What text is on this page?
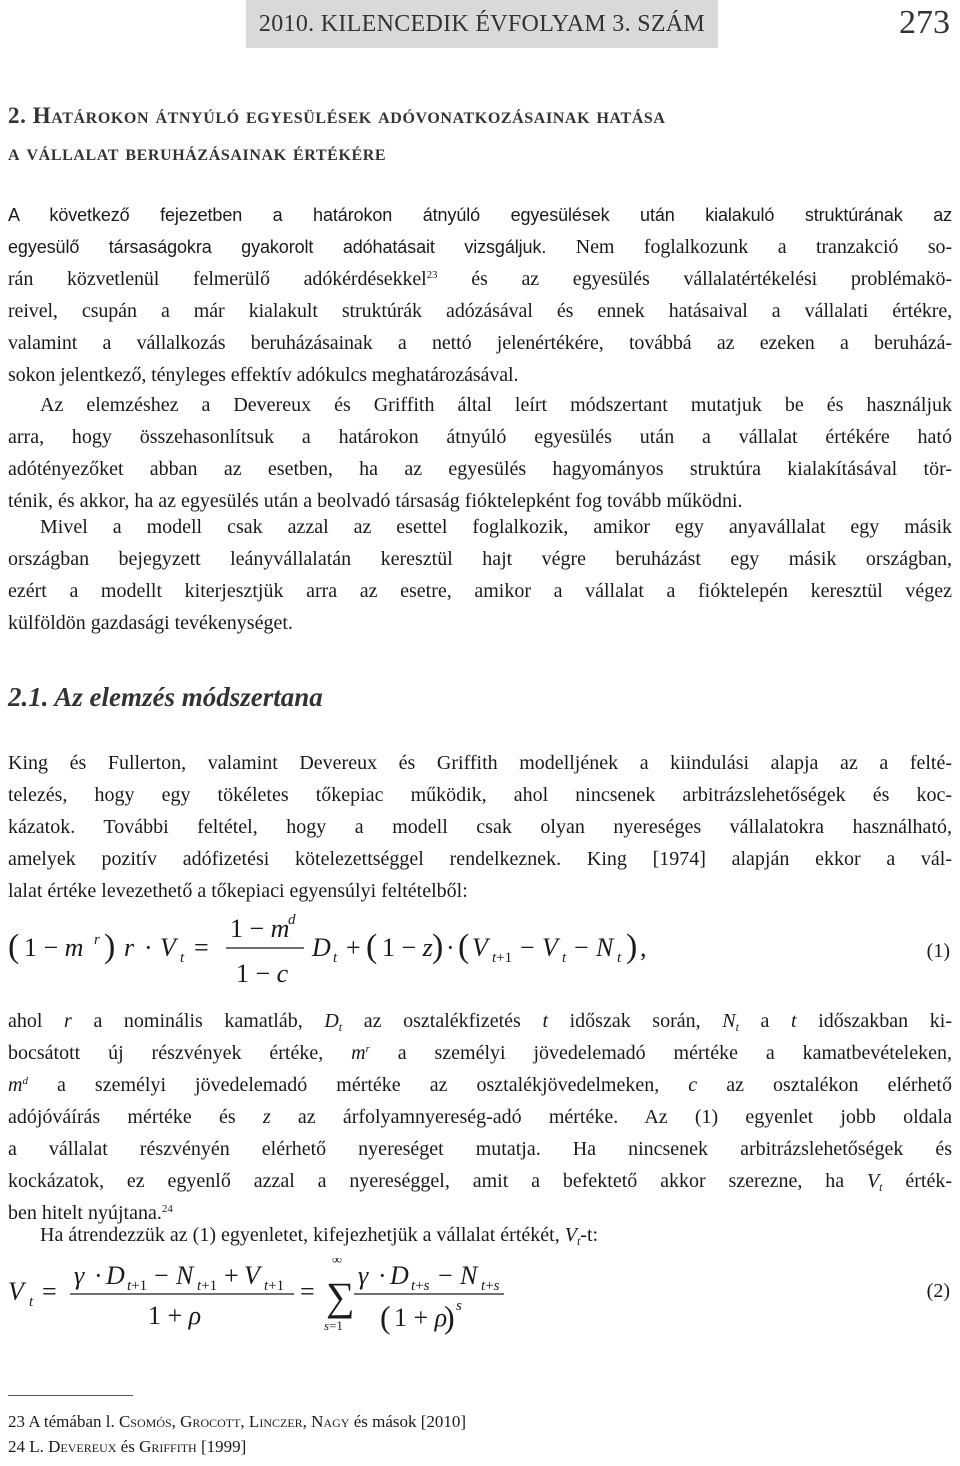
2010. KILENCEDIK ÉVFOLYAM 3. SZÁM	273
2. Határokon átnyúló egyesülések adóvonatkozásainak hatása
a vállalat beruházásainak értékére
A következő fejezetben a határokon átnyúló egyesülések után kialakuló struktúrának az
egyesülő társaságokra gyakorolt adóhatásait vizsgáljuk. Nem foglalkozunk a tranzakció so-
rán közvetlenül felmerülő adókérdésekkel$^{23}$ és az egyesülés vállalatértékelési problémakö-
reivel, csupán a már kialakult struktúrák adózásával és ennek hatásaival a vállalati értékre,
valamint a vállalkozás beruházásainak a nettó jelenértékére, továbbá az ezeken a beruházá-
sokon jelentkező, tényleges effektív adókulcs meghatározásával.
Az elemzéshez a Devereux és Griffith által leírt módszertant mutatjuk be és használjuk
arra, hogy összehasonlítsuk a határokon átnyúló egyesülés után a vállalat értékére ható
adótényezőket abban az esetben, ha az egyesülés hagyományos struktúra kialakításával tör-
ténik, és akkor, ha az egyesülés után a beolvadó társaság fióktelepként fog tovább működni.
Mivel a modell csak azzal az esettel foglalkozik, amikor egy anyavállalat egy másik
országban bejegyzett leányvállalatán keresztül hajt végre beruházást egy másik országban,
ezért a modellt kiterjesztjük arra az esetre, amikor a vállalat a fióktelepén keresztül végez
külföldön gazdasági tevékenységet.
2.1. Az elemzés módszertana
King és Fullerton, valamint Devereux és Griffith modelljének a kiindulási alapja az a felté-
telezés, hogy egy tökéletes tőkepiac működik, ahol nincsenek arbitrázslehetőségek és koc-
kázatok. További feltétel, hogy a modell csak olyan nyereséges vállalatokra használható,
amelyek pozitív adófizetési kötelezettséggel rendelkeznek. King [1974] alapján ekkor a vál-
lalat értéke levezethető a tőkepiaci egyensúlyi feltételből:
( 1 − m r ) r · V t =
1 − m
d
1 − c
D t + ( 1 − z ) · ( V t+1 − V t − N t ) ,	(1)
ahol r a nominális kamatláb, $D_t$ az osztalékfizetés t időszak során, $N_t$ a t időszakban ki-
bocsátott új részvények értéke, $m^r$ a személyi jövedelemadó mértéke a kamatbevételeken,
$m^d$ a személyi jövedelemadó mértéke az osztalékjövedelmeken, c az osztalékon elérhető
adójóváírás mértéke és z az árfolyamnyereség-adó mértéke. Az (1) egyenlet jobb oldala
a vállalat részvényén elérhető nyereséget mutatja. Ha nincsenek arbitrázslehetőségek és
kockázatok, ez egyenlő azzal a nyereséggel, amit a befektető akkor szerezne, ha $V_t$ érték-
ben hitelt nyújtana.$^{24}$
Ha átrendezzük az (1) egyenletet, kifejezhetjük a vállalat értékét, $V_t-t$:
V t =
γ · D t+1 − N t+1 + V t+1
1 + ρ
=
∞
∑
s=1
γ · D t+s − N t+s
( 1 + ρ
) s
(2)
23 A témában l. Csomós, Grocott, Linczer, Nagy és mások [2010]
24 L. Devereux és Griffith [1999]
